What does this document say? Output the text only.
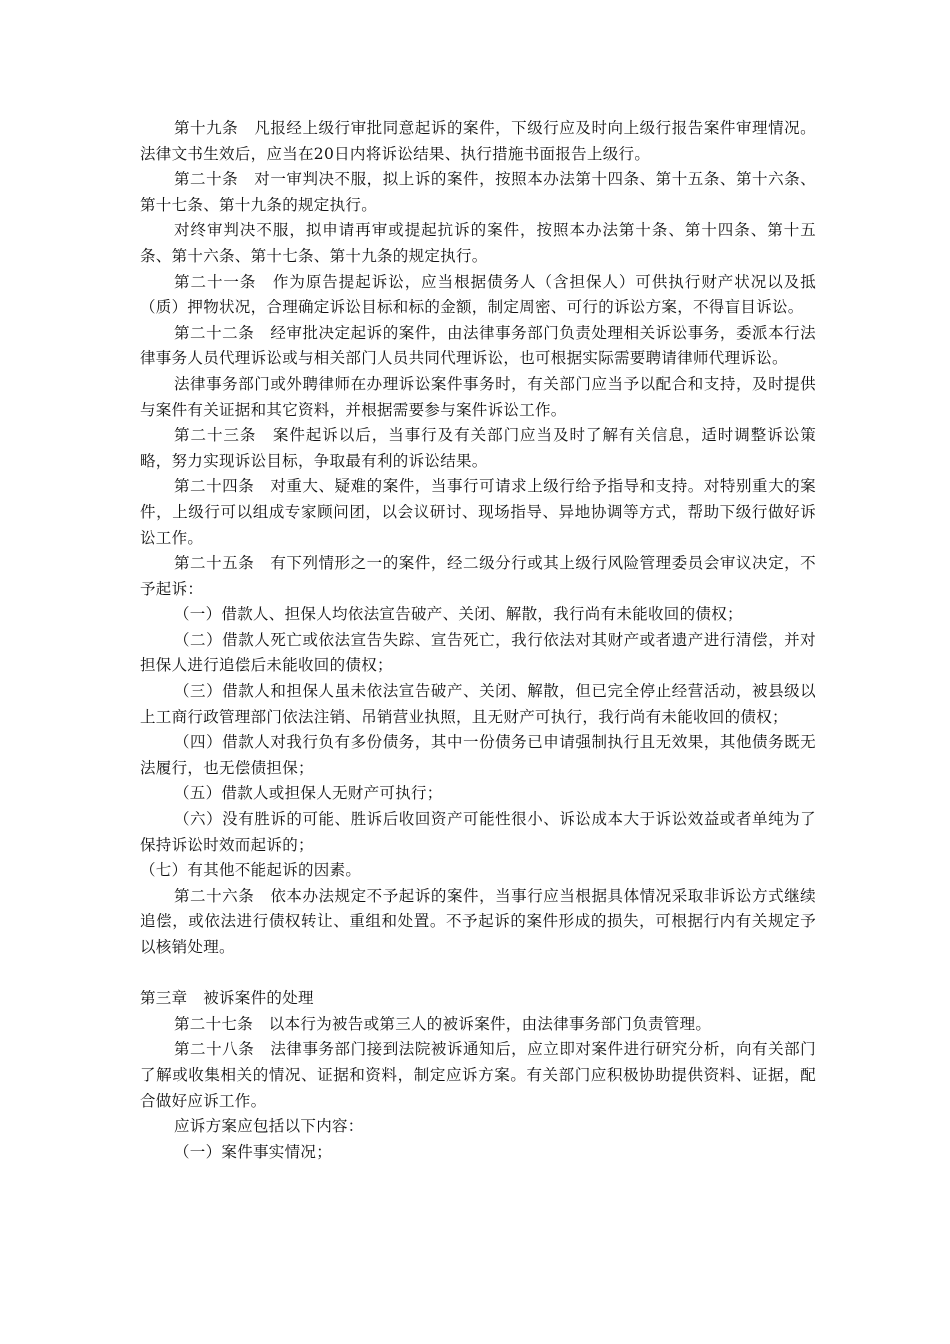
第十九条　凡报经上级行审批同意起诉的案件，下级行应及时向上级行报告案件审理情况。法律文书生效后，应当在20日内将诉讼结果、执行措施书面报告上级行。

第二十条　对一审判决不服，拟上诉的案件，按照本办法第十四条、第十五条、第十六条、第十七条、第十九条的规定执行。

对终审判决不服，拟申请再审或提起抗诉的案件，按照本办法第十条、第十四条、第十五条、第十六条、第十七条、第十九条的规定执行。

第二十一条　作为原告提起诉讼，应当根据债务人（含担保人）可供执行财产状况以及抵（质）押物状况，合理确定诉讼目标和标的金额，制定周密、可行的诉讼方案，不得盲目诉讼。

第二十二条　经审批决定起诉的案件，由法律事务部门负责处理相关诉讼事务，委派本行法律事务人员代理诉讼或与相关部门人员共同代理诉讼，也可根据实际需要聘请律师代理诉讼。

法律事务部门或外聘律师在办理诉讼案件事务时，有关部门应当予以配合和支持，及时提供与案件有关证据和其它资料，并根据需要参与案件诉讼工作。

第二十三条　案件起诉以后，当事行及有关部门应当及时了解有关信息，适时调整诉讼策略，努力实现诉讼目标，争取最有利的诉讼结果。

第二十四条　对重大、疑难的案件，当事行可请求上级行给予指导和支持。对特别重大的案件，上级行可以组成专家顾问团，以会议研讨、现场指导、异地协调等方式，帮助下级行做好诉讼工作。

第二十五条　有下列情形之一的案件，经二级分行或其上级行风险管理委员会审议决定，不予起诉：

（一）借款人、担保人均依法宣告破产、关闭、解散，我行尚有未能收回的债权；

（二）借款人死亡或依法宣告失踪、宣告死亡，我行依法对其财产或者遗产进行清偿，并对担保人进行追偿后未能收回的债权；

（三）借款人和担保人虽未依法宣告破产、关闭、解散，但已完全停止经营活动，被县级以上工商行政管理部门依法注销、吊销营业执照，且无财产可执行，我行尚有未能收回的债权；

（四）借款人对我行负有多份债务，其中一份债务已申请强制执行且无效果，其他债务既无法履行，也无偿债担保；

（五）借款人或担保人无财产可执行；

（六）没有胜诉的可能、胜诉后收回资产可能性很小、诉讼成本大于诉讼效益或者单纯为了保持诉讼时效而起诉的；

（七）有其他不能起诉的因素。

第二十六条　依本办法规定不予起诉的案件，当事行应当根据具体情况采取非诉讼方式继续追偿，或依法进行债权转让、重组和处置。不予起诉的案件形成的损失，可根据行内有关规定予以核销处理。

第三章　被诉案件的处理

第二十七条　以本行为被告或第三人的被诉案件，由法律事务部门负责管理。

第二十八条　法律事务部门接到法院被诉通知后，应立即对案件进行研究分析，向有关部门了解或收集相关的情况、证据和资料，制定应诉方案。有关部门应积极协助提供资料、证据，配合做好应诉工作。

应诉方案应包括以下内容：

（一）案件事实情况；
